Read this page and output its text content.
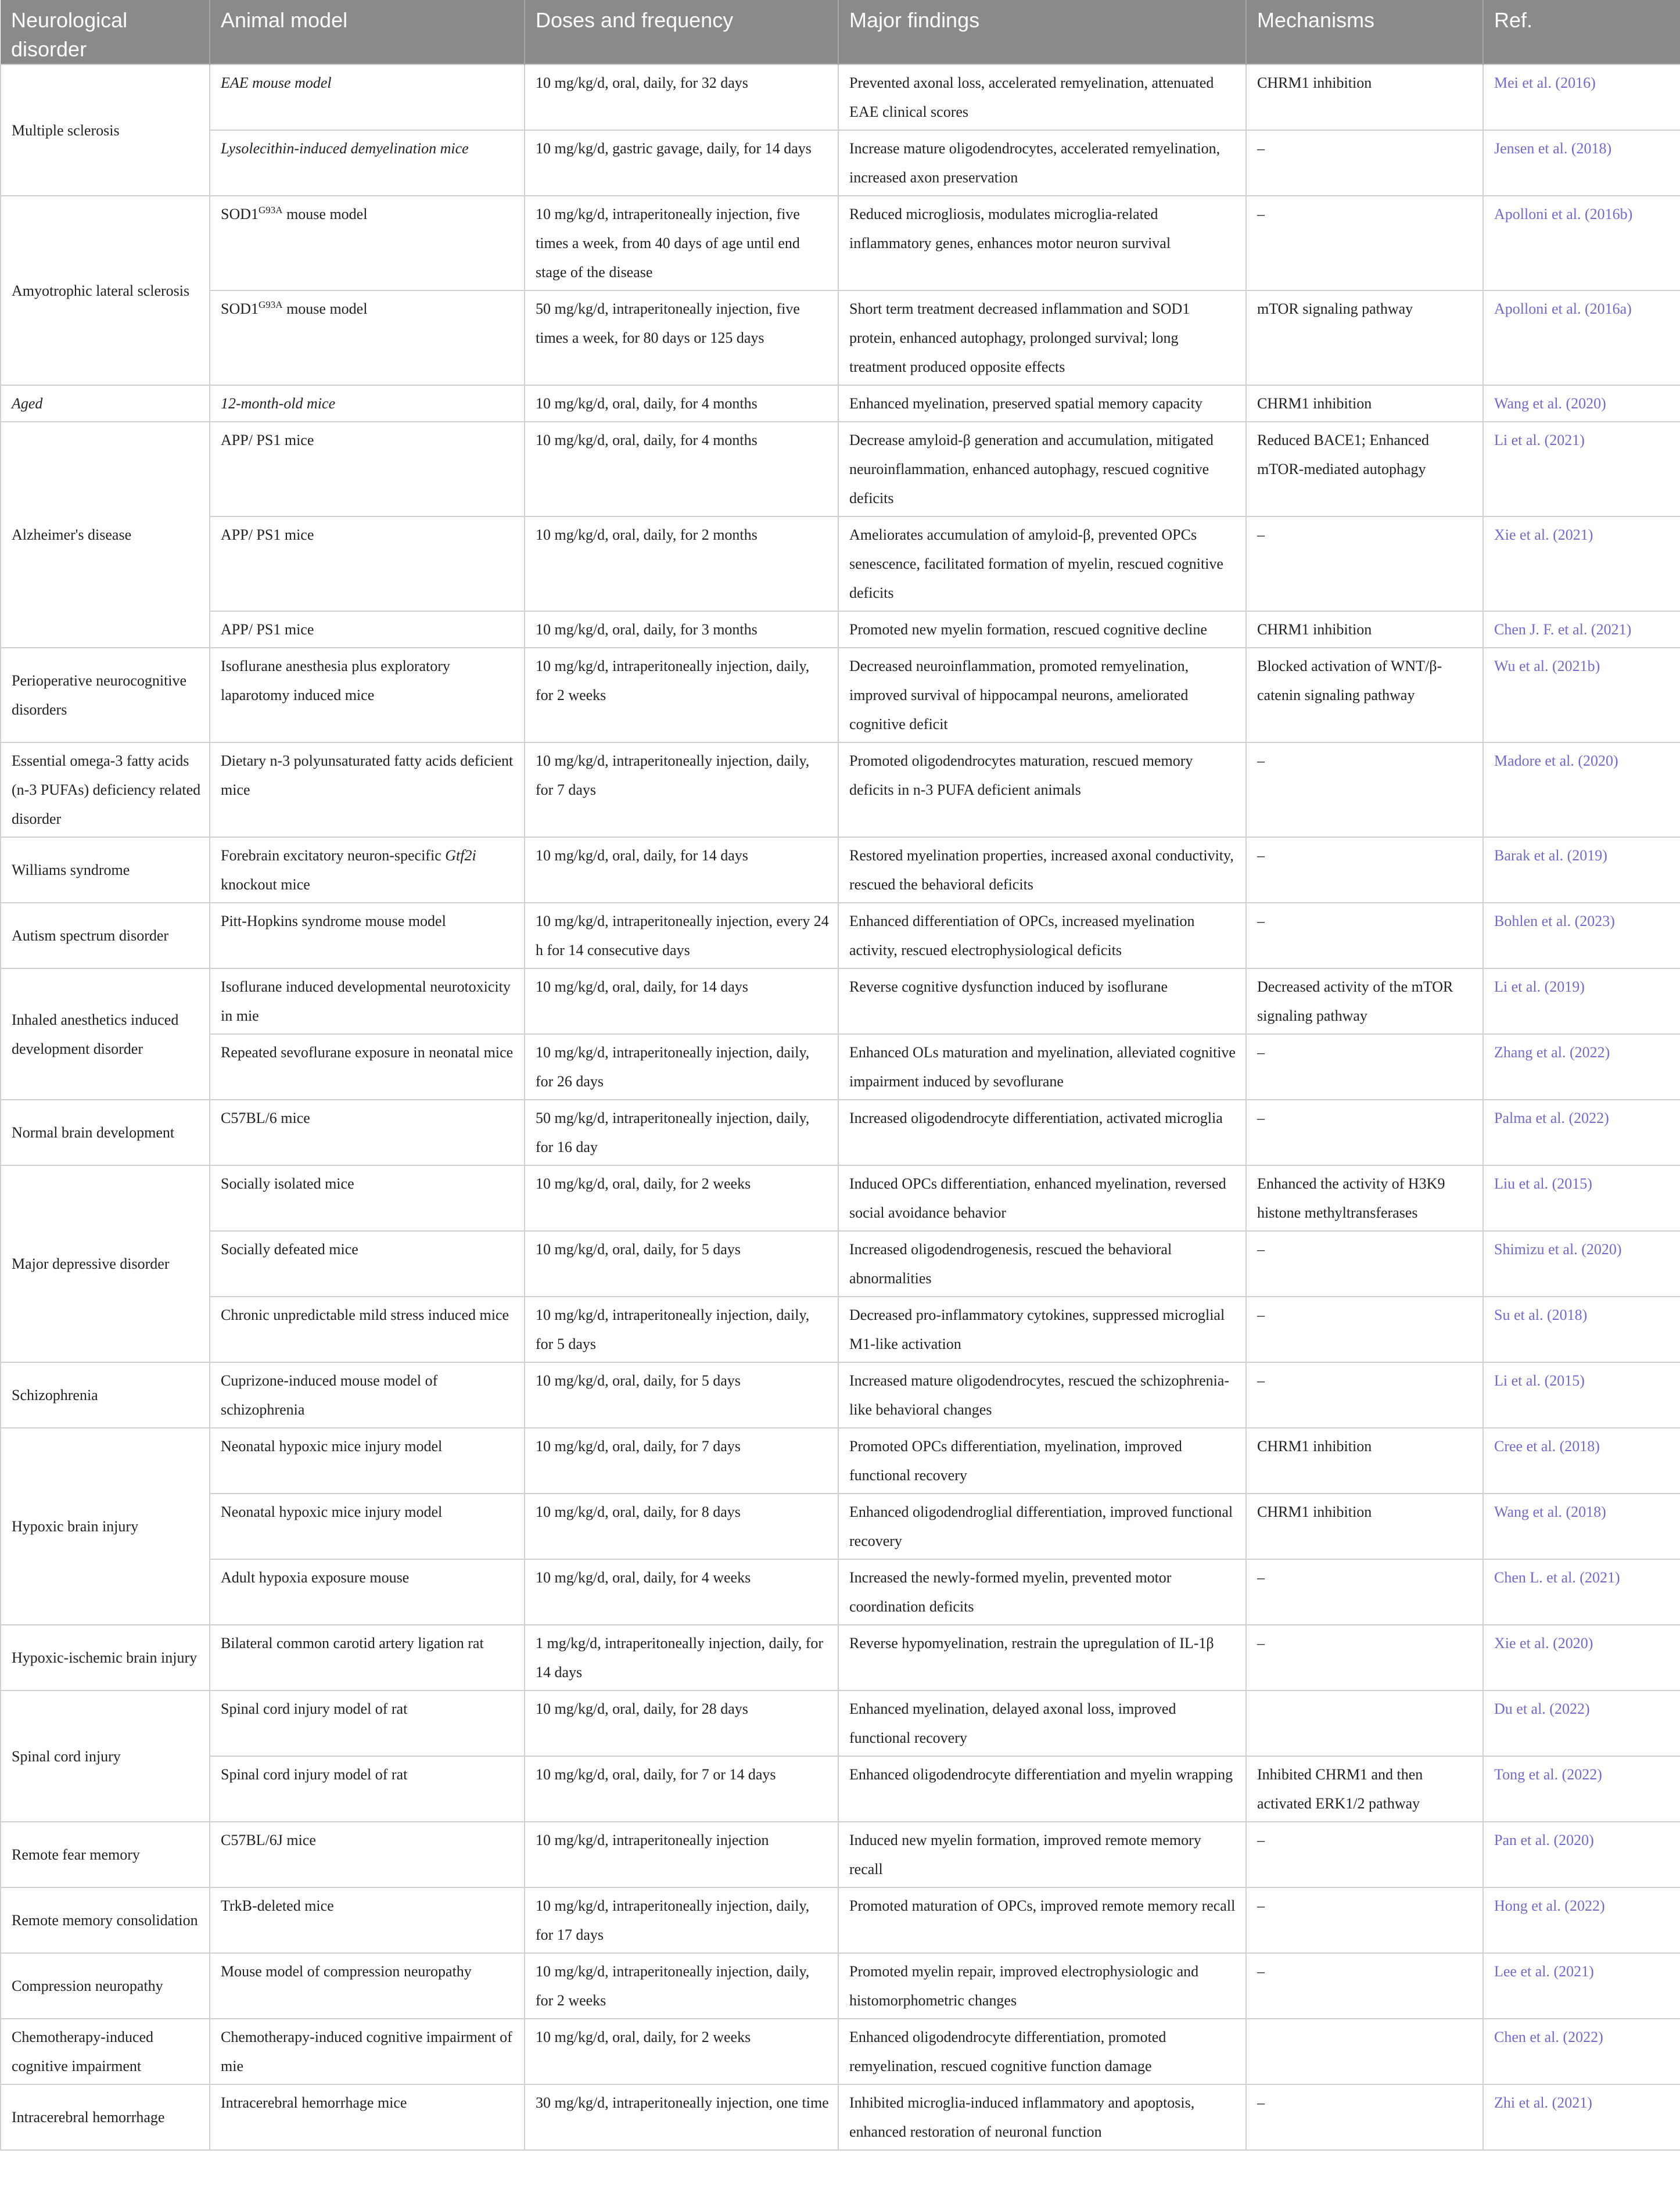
Neurological disorder	Animal model	Doses and frequency	Major findings	Mechanisms	Ref.
Multiple sclerosis	EAE mouse model	10 mg/kg/d, oral, daily, for 32 days	Prevented axonal loss, accelerated remyelination, attenuated EAE clinical scores	CHRM1 inhibition	Mei et al. (2016)
	Lysolecithin-induced demyelination mice	10 mg/kg/d, gastric gavage, daily, for 14 days	Increase mature oligodendrocytes, accelerated remyelination, increased axon preservation	–	Jensen et al. (2018)
Amyotrophic lateral sclerosis	$SOD1^{G93A}$ mouse model	10 mg/kg/d, intraperitoneally injection, five times a week, from 40 days of age until end stage of the disease	Reduced microgliosis, modulates microglia-related inflammatory genes, enhances motor neuron survival	–	Apolloni et al. (2016b)
	$SOD1^{G93A}$ mouse model	50 mg/kg/d, intraperitoneally injection, five times a week, for 80 days or 125 days	Short term treatment decreased inflammation and SOD1 protein, enhanced autophagy, prolonged survival; long treatment produced opposite effects	mTOR signaling pathway	Apolloni et al. (2016a)
Aged	12-month-old mice	10 mg/kg/d, oral, daily, for 4 months	Enhanced myelination, preserved spatial memory capacity	CHRM1 inhibition	Wang et al. (2020)
Alzheimer's disease	APP/ PS1 mice	10 mg/kg/d, oral, daily, for 4 months	Decrease amyloid-β generation and accumulation, mitigated neuroinflammation, enhanced autophagy, rescued cognitive deficits	Reduced BACE1; Enhanced mTOR-mediated autophagy	Li et al. (2021)
	APP/ PS1 mice	10 mg/kg/d, oral, daily, for 2 months	Ameliorates accumulation of amyloid-β, prevented OPCs senescence, facilitated formation of myelin, rescued cognitive deficits	–	Xie et al. (2021)
	APP/ PS1 mice	10 mg/kg/d, oral, daily, for 3 months	Promoted new myelin formation, rescued cognitive decline	CHRM1 inhibition	Chen J. F. et al. (2021)
Perioperative neurocognitive disorders	Isoflurane anesthesia plus exploratory laparotomy induced mice	10 mg/kg/d, intraperitoneally injection, daily, for 2 weeks	Decreased neuroinflammation, promoted remyelination, improved survival of hippocampal neurons, ameliorated cognitive deficit	Blocked activation of WNT/β-catenin signaling pathway	Wu et al. (2021b)
Essential omega-3 fatty acids (n-3 PUFAs) deficiency related disorder	Dietary n-3 polyunsaturated fatty acids deficient mice	10 mg/kg/d, intraperitoneally injection, daily, for 7 days	Promoted oligodendrocytes maturation, rescued memory deficits in n-3 PUFA deficient animals	–	Madore et al. (2020)
Williams syndrome	Forebrain excitatory neuron-specific Gtf2i knockout mice	10 mg/kg/d, oral, daily, for 14 days	Restored myelination properties, increased axonal conductivity, rescued the behavioral deficits	–	Barak et al. (2019)
Autism spectrum disorder	Pitt-Hopkins syndrome mouse model	10 mg/kg/d, intraperitoneally injection, every 24 h for 14 consecutive days	Enhanced differentiation of OPCs, increased myelination activity, rescued electrophysiological deficits	–	Bohlen et al. (2023)
Inhaled anesthetics induced development disorder	Isoflurane induced developmental neurotoxicity in mie	10 mg/kg/d, oral, daily, for 14 days	Reverse cognitive dysfunction induced by isoflurane	Decreased activity of the mTOR signaling pathway	Li et al. (2019)
	Repeated sevoflurane exposure in neonatal mice	10 mg/kg/d, intraperitoneally injection, daily, for 26 days	Enhanced OLs maturation and myelination, alleviated cognitive impairment induced by sevoflurane	–	Zhang et al. (2022)
Normal brain development	C57BL/6 mice	50 mg/kg/d, intraperitoneally injection, daily, for 16 day	Increased oligodendrocyte differentiation, activated microglia	–	Palma et al. (2022)
Major depressive disorder	Socially isolated mice	10 mg/kg/d, oral, daily, for 2 weeks	Induced OPCs differentiation, enhanced myelination, reversed social avoidance behavior	Enhanced the activity of H3K9 histone methyltransferases	Liu et al. (2015)
	Socially defeated mice	10 mg/kg/d, oral, daily, for 5 days	Increased oligodendrogenesis, rescued the behavioral abnormalities	–	Shimizu et al. (2020)
	Chronic unpredictable mild stress induced mice	10 mg/kg/d, intraperitoneally injection, daily, for 5 days	Decreased pro-inflammatory cytokines, suppressed microglial M1-like activation	–	Su et al. (2018)
Schizophrenia	Cuprizone-induced mouse model of schizophrenia	10 mg/kg/d, oral, daily, for 5 days	Increased mature oligodendrocytes, rescued the schizophrenia-like behavioral changes	–	Li et al. (2015)
Hypoxic brain injury	Neonatal hypoxic mice injury model	10 mg/kg/d, oral, daily, for 7 days	Promoted OPCs differentiation, myelination, improved functional recovery	CHRM1 inhibition	Cree et al. (2018)
	Neonatal hypoxic mice injury model	10 mg/kg/d, oral, daily, for 8 days	Enhanced oligodendroglial differentiation, improved functional recovery	CHRM1 inhibition	Wang et al. (2018)
	Adult hypoxia exposure mouse	10 mg/kg/d, oral, daily, for 4 weeks	Increased the newly-formed myelin, prevented motor coordination deficits	–	Chen L. et al. (2021)
Hypoxic-ischemic brain injury	Bilateral common carotid artery ligation rat	1 mg/kg/d, intraperitoneally injection, daily, for 14 days	Reverse hypomyelination, restrain the upregulation of IL-1β	–	Xie et al. (2020)
Spinal cord injury	Spinal cord injury model of rat	10 mg/kg/d, oral, daily, for 28 days	Enhanced myelination, delayed axonal loss, improved functional recovery		Du et al. (2022)
	Spinal cord injury model of rat	10 mg/kg/d, oral, daily, for 7 or 14 days	Enhanced oligodendrocyte differentiation and myelin wrapping	Inhibited CHRM1 and then activated ERK1/2 pathway	Tong et al. (2022)
Remote fear memory	C57BL/6J mice	10 mg/kg/d, intraperitoneally injection	Induced new myelin formation, improved remote memory recall	–	Pan et al. (2020)
Remote memory consolidation	TrkB-deleted mice	10 mg/kg/d, intraperitoneally injection, daily, for 17 days	Promoted maturation of OPCs, improved remote memory recall	–	Hong et al. (2022)
Compression neuropathy	Mouse model of compression neuropathy	10 mg/kg/d, intraperitoneally injection, daily, for 2 weeks	Promoted myelin repair, improved electrophysiologic and histomorphometric changes	–	Lee et al. (2021)
Chemotherapy-induced cognitive impairment	Chemotherapy-induced cognitive impairment of mie	10 mg/kg/d, oral, daily, for 2 weeks	Enhanced oligodendrocyte differentiation, promoted remyelination, rescued cognitive function damage		Chen et al. (2022)
Intracerebral hemorrhage	Intracerebral hemorrhage mice	30 mg/kg/d, intraperitoneally injection, one time	Inhibited microglia-induced inflammatory and apoptosis, enhanced restoration of neuronal function	–	Zhi et al. (2021)
